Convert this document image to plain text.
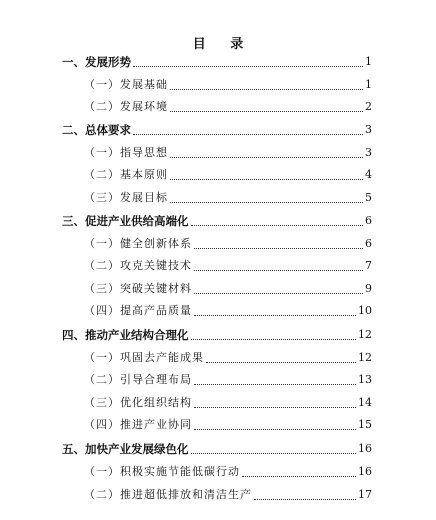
目 录
一、发展形势	1
（一）发展基础	1
（二）发展环境	2
二、总体要求	3
（一）指导思想	3
（二）基本原则	4
（三）发展目标	5
三、促进产业供给高端化	6
（一）健全创新体系	6
（二）攻克关键技术	7
（三）突破关键材料	9
（四）提高产品质量	10
四、推动产业结构合理化	12
（一）巩固去产能成果	12
（二）引导合理布局	13
（三）优化组织结构	14
（四）推进产业协同	15
五、加快产业发展绿色化	16
（一）积极实施节能低碳行动	16
（二）推进超低排放和清洁生产	17
